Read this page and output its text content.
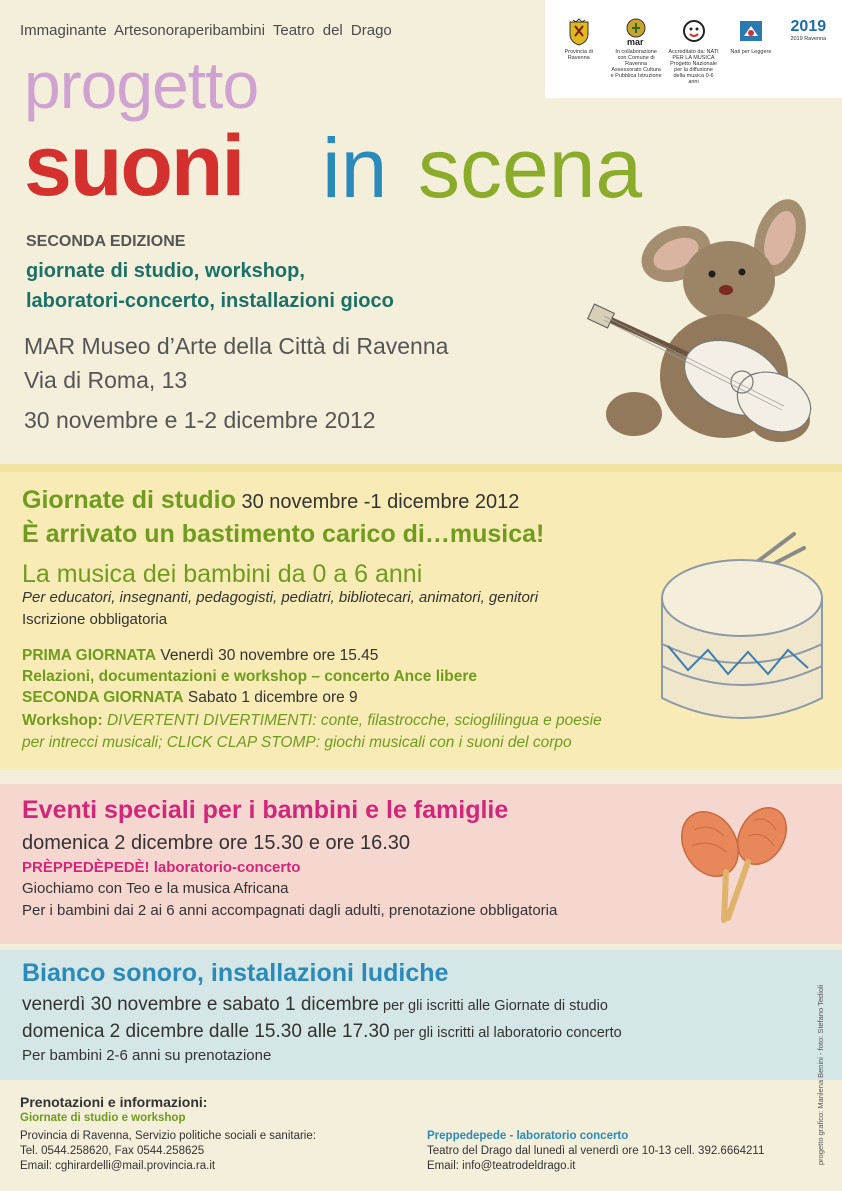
Immaginante Artesonoraperibambini Teatro del Drago
Provincia di Ravenna
mar
In collaborazione con Comune di Ravenna Assessorato Cultura e Pubblica Istruzione
Accreditato da: NATI PER LA MUSICA Progetto Nazionale per la diffusione della musica 0-6 anni
Nati per Leggere
2019
2019 Ravenna
progetto
suoni in scena
SECONDA EDIZIONE
giornate di studio, workshop,
laboratori-concerto, installazioni gioco
MAR Museo d’Arte della Città di Ravenna
Via di Roma, 13
30 novembre e 1-2 dicembre 2012
Giornate di studio 30 novembre -1 dicembre 2012
È arrivato un bastimento carico di…musica!
La musica dei bambini da 0 a 6 anni
Per educatori, insegnanti, pedagogisti, pediatri, bibliotecari, animatori, genitori
Iscrizione obbligatoria
PRIMA GIORNATA Venerdì 30 novembre ore 15.45
Relazioni, documentazioni e workshop – concerto Ance libere
SECONDA GIORNATA Sabato 1 dicembre ore 9
Workshop: DIVERTENTI DIVERTIMENTI: conte, filastrocche, scioglilingua e poesie
per intrecci musicali; CLICK CLAP STOMP: giochi musicali con i suoni del corpo
Eventi speciali per i bambini e le famiglie
domenica 2 dicembre ore 15.30 e ore 16.30
PRÈPPEDÈPEDÈ! laboratorio-concerto
Giochiamo con Teo e la musica Africana
Per i bambini dai 2 ai 6 anni accompagnati dagli adulti, prenotazione obbligatoria
Bianco sonoro, installazioni ludiche
venerdì 30 novembre e sabato 1 dicembre per gli iscritti alle Giornate di studio
domenica 2 dicembre dalle 15.30 alle 17.30 per gli iscritti al laboratorio concerto
Per bambini 2-6 anni su prenotazione
Prenotazioni e informazioni:
Giornate di studio e workshop
Provincia di Ravenna, Servizio politiche sociali e sanitarie:
Tel. 0544.258620, Fax 0544.258625
Email: cghirardelli@mail.provincia.ra.it
Preppedepede - laboratorio concerto
Teatro del Drago dal lunedì al venerdì ore 10-13 cell. 392.6664211
Email: info@teatrodeldrago.it
progetto grafico: Marilena Benini - foto: Stefano Tedioli
